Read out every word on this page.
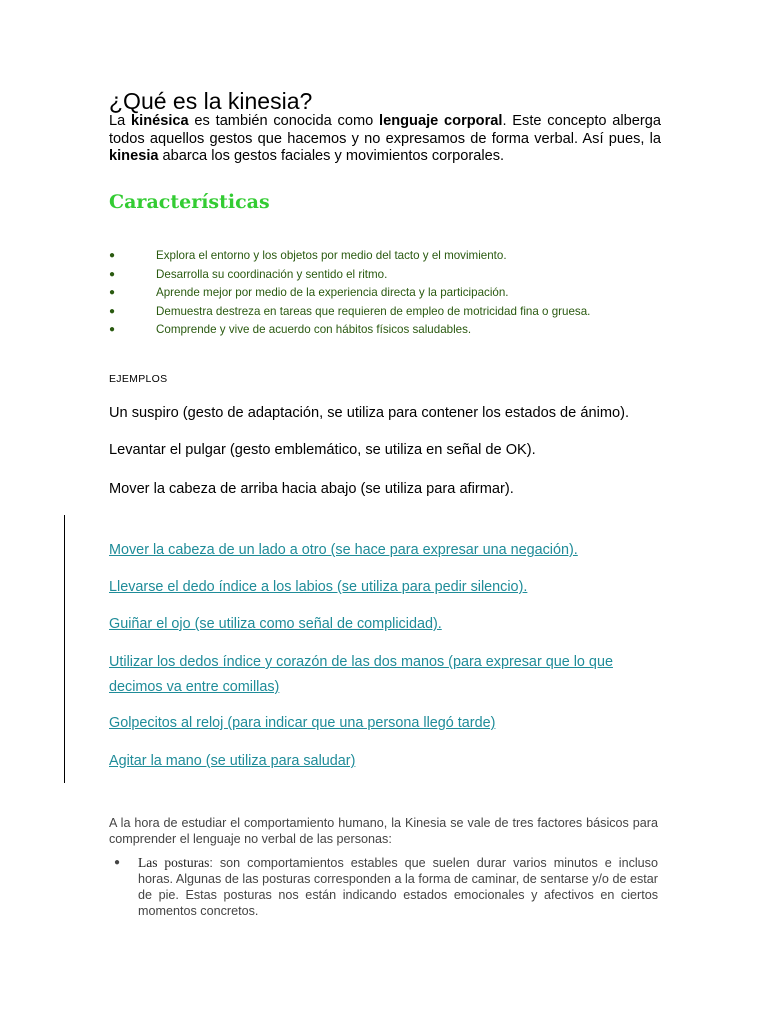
¿Qué es la kinesia?

La kinésica es también conocida como lenguaje corporal. Este concepto alberga todos aquellos gestos que hacemos y no expresamos de forma verbal. Así pues, la kinesia abarca los gestos faciales y movimientos corporales.

Características
●	Explora el entorno y los objetos por medio del tacto y el movimiento.
●	Desarrolla su coordinación y sentido el ritmo.
●	Aprende mejor por medio de la experiencia directa y la participación.
●	Demuestra destreza en tareas que requieren de empleo de motricidad fina o gruesa.
●	Comprende y vive de acuerdo con hábitos físicos saludables.

EJEMPLOS

Un suspiro (gesto de adaptación, se utiliza para contener los estados de ánimo).

Levantar el pulgar (gesto emblemático, se utiliza en señal de OK).

Mover la cabeza de arriba hacia abajo (se utiliza para afirmar).

Mover la cabeza de un lado a otro (se hace para expresar una negación).
Llevarse el dedo índice a los labios (se utiliza para pedir silencio).
Guiñar el ojo (se utiliza como señal de complicidad).
Utilizar los dedos índice y corazón de las dos manos (para expresar que lo que decimos va entre comillas)
Golpecitos al reloj (para indicar que una persona llegó tarde)
Agitar la mano (se utiliza para saludar)

A la hora de estudiar el comportamiento humano, la Kinesia se vale de tres factores básicos para comprender el lenguaje no verbal de las personas:

● Las posturas: son comportamientos estables que suelen durar varios minutos e incluso horas. Algunas de las posturas corresponden a la forma de caminar, de sentarse y/o de estar de pie. Estas posturas nos están indicando estados emocionales y afectivos en ciertos momentos concretos.
